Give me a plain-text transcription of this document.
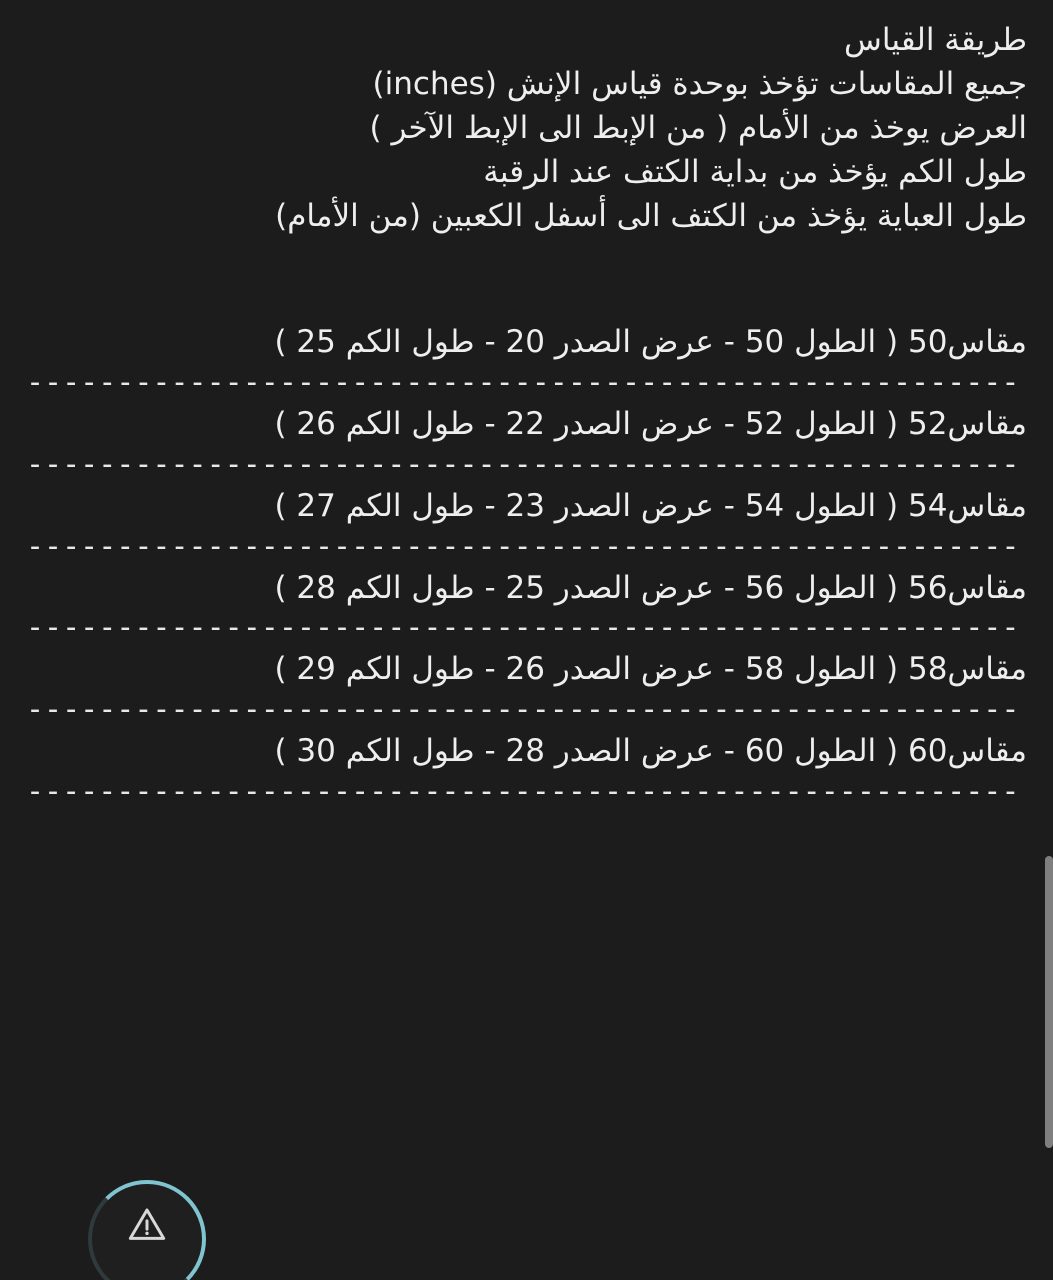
طريقة القياس
جميع المقاسات تؤخذ بوحدة قياس الإنش (inches)
العرض يوخذ من الأمام ( من الإبط الى الإبط الآخر )
طول الكم يؤخذ من بداية الكتف عند الرقبة
طول العباية يؤخذ من الكتف الى أسفل الكعبين (من الأمام)
مقاس50 ( الطول 50 - عرض الصدر 20 - طول الكم 25 )
-------------------------------------------------------
مقاس52 ( الطول 52 - عرض الصدر 22 - طول الكم 26 )
-------------------------------------------------------
مقاس54 ( الطول 54 - عرض الصدر 23 - طول الكم 27 )
-------------------------------------------------------
مقاس56 ( الطول 56 - عرض الصدر 25 - طول الكم 28 )
-------------------------------------------------------
مقاس58 ( الطول 58 - عرض الصدر 26 - طول الكم 29 )
-------------------------------------------------------
مقاس60 ( الطول 60 - عرض الصدر 28 - طول الكم 30 )
-------------------------------------------------------
